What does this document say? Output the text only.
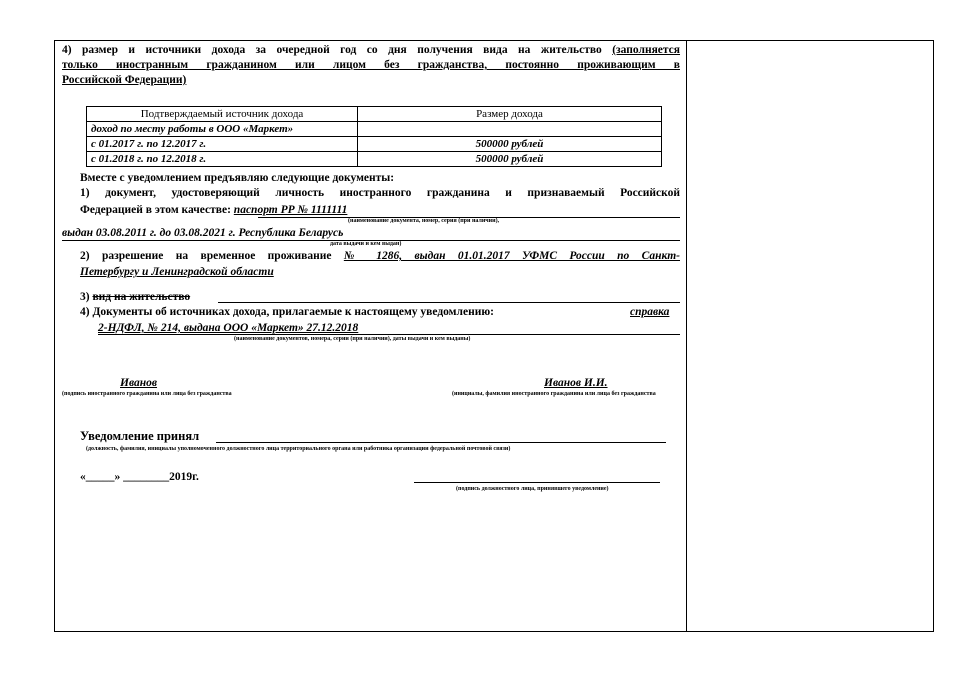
4) размер и источники дохода за очередной год со дня получения вида на жительство (заполняется
только иностранным гражданином или лицом без гражданства, постоянно проживающим в
Российской Федерации)
Подтверждаемый источник дохода	Размер дохода
доход по месту работы в ООО «Маркет»	
с 01.2017 г. по 12.2017 г.	500000 рублей
с 01.2018 г. по 12.2018 г.	500000 рублей
Вместе с уведомлением предъявляю следующие документы:
1) документ, удостоверяющий личность иностранного гражданина и признаваемый Российской
Федерацией в этом качестве: паспорт РР № 1111111
(наименование документа, номер, серия (при наличии),
выдан 03.08.2011 г. до 03.08.2021 г. Республика Беларусь
дата выдачи и кем выдан)
2) разрешение на временное проживание № 1286, выдан 01.01.2017 УФМС России по Санкт-
Петербургу и Ленинградской области
3) вид на жительство
4) Документы об источниках дохода, прилагаемые к настоящему уведомлению:	справка
2-НДФЛ, № 214, выдана ООО «Маркет» 27.12.2018
(наименование документов, номера, серии (при наличии), даты выдачи и кем выданы)
Иванов
(подпись иностранного гражданина или лица без гражданства
Иванов И.И.
(инициалы, фамилия иностранного гражданина или лица без гражданства
Уведомление принял
(должность, фамилия, инициалы уполномоченного должностного лица территориального органа или работника организации федеральной почтовой связи)
«_____» ________2019г.
(подпись должностного лица, принявшего уведомление)
